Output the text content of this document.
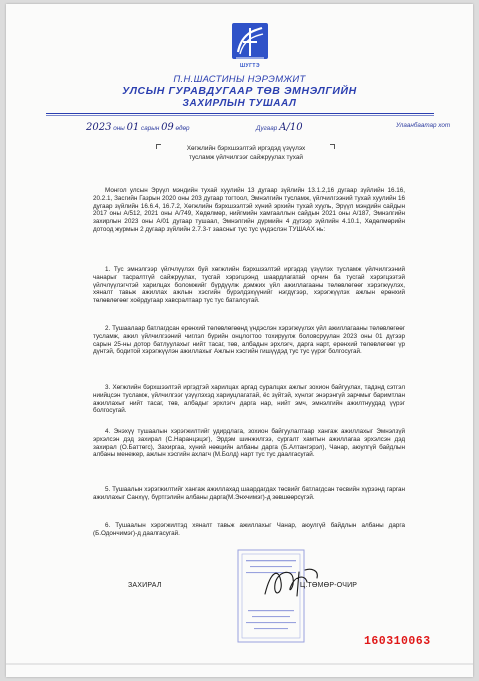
ШУГТЭ
П.Н.ШАСТИНЫ НЭРЭМЖИТ
УЛСЫН ГУРАВДУГААР ТӨВ ЭМНЭЛГИЙН
ЗАХИРЛЫН ТУШААЛ
2023 оны 01 сарын 09 өдөр	Дугаар А/10	Улаанбаатар хот
Хөгжлийн бэрхшээлтэй иргэдэд үзүүлэх
тусламж үйлчилгээг сайжруулах тухай

Монгол улсын Эрүүл мэндийн тухай хуулийн 13 дугаар зүйлийн 13.1.2,16 дугаар зүйлийн 16.16, 20.2.1, Засгийн Газрын 2020 оны 203 дугаар тогтоол, Эмнэлгийн тусламж, үйлчилгээний тухай хуулийн 16 дугаар зүйлийн 16.6.4, 16.7.2, Хөгжлийн бэрхшээлтэй хүний эрхийн тухай хууль, Эрүүл мэндийн сайдын 2017 оны А/512, 2021 оны А/749, Хөдөлмөр, нийгмийн хамгааллын сайдын 2021 оны А/187, Эмнэлгийн захирлын 2023 оны А/01 дугаар тушаал, Эмнэлгийн дүрмийн 4 дүгээр зүйлийн 4.10.1, Хөдөлмөрийн дотоод журмын 2 дугаар зүйлийн 2.7.3-т заасныг тус тус үндэслэн ТУШААХ нь:

1. Тус эмнэлгээр үйлчлүүлэх буй хөгжлийн бэрхшээлтэй иргэдэд үзүүлэх тусламж үйлчилгээний чанарыг тасралтгүй сайжруулах, тусгай хэрэгцээнд шаардлагатай орчин ба тусгай хэрэгцээтэй үйлчлүүлэгчтэй харилцах боломжийг бүрдүүлж дэмжих үйл ажиллагааны төлөвлөгөөг хэрэгжүүлэх, хяналт тавьж ажиллах ажлын хэсгийн бүрэлдэхүүнийг нэгдүгээр, хэрэгжүүлэх ажлын ерөнхий төлөвлөгөөг хоёрдугаар хавсралтаар тус тус баталсугай.

2. Тушаалаар батлагдсан ерөнхий төлөвлөгөөнд үндэслэн хэрэгжүүлэх үйл ажиллагааны төлөвлөгөөг тусламж, ажил үйлчилгээний чиглэл бүрийн онцлогтоо тохируулж боловсруулан 2023 оны 01 дүгээр сарын 25-ны дотор батлуулахыг нийт тасаг, төв, албадын эрхлэгч, дарга нарт, ерөнхий төлөвлөгөөг үр дүнтэй, бодитой хэрэгжүүлэн ажиллахыг Ажлын хэсгийн гишүүдэд тус тус үүрэг болгосугай.

3. Хөгжлийн бэрхшээлтэй иргэдтэй харилцах аргад суралцах ажлыг зохион байгуулах, тадзнд сэтгэл ниийцсэн тусламж, үйлчилгээг үзүүлэхэд хариуцлагатай, ёс зүйтэй, хүнлэг энэрэнгүй зарчмыг баримтлан ажиллахыг нийт тасаг, төв, албадыг эрхлэгч дарга нар, нийт эмч, эмнэлгийн ажилтнуудад үүрэг болгосугай.

4. Энэхүү тушаалын хэрэгжилтийг удирдлага, зохион байгуулалтаар хангаж ажиллахыг Эмнэлзүй эрхэлсэн дэд захирал (С.Наранцэцэг), Эрдэм шинжилгээ, сургалт хамтын ажиллагаа эрхэлсэн дэд захирал (О.Баттөгс), Захиргаа, хүний нөөцийн албаны дарга (Б.Алтангэрэл), Чанар, аюулгүй байдлын албаны менежер, ажлын хэсгийн ахлагч (М.Болд) нарт тус тус даалгасугай.

5. Тушаалын хэрэгжилтийг хангаж ажиллахад шаардагдах төсвийг батлагдсан төсвийн хүрээнд гарган ажиллахыг Санхүү, бүртгэлийн албаны дарга(М.Энхчимэг)-д зөвшөөрсүгэй.

6. Тушаалын хэрэгжилтэд хяналт тавьж ажиллахыг Чанар, аюулгүй байдлын албаны дарга (Б.Одончимэг)-д даалгасугай.

ЗАХИРАЛ	Ц.ТӨМӨР-ОЧИР
160310063
